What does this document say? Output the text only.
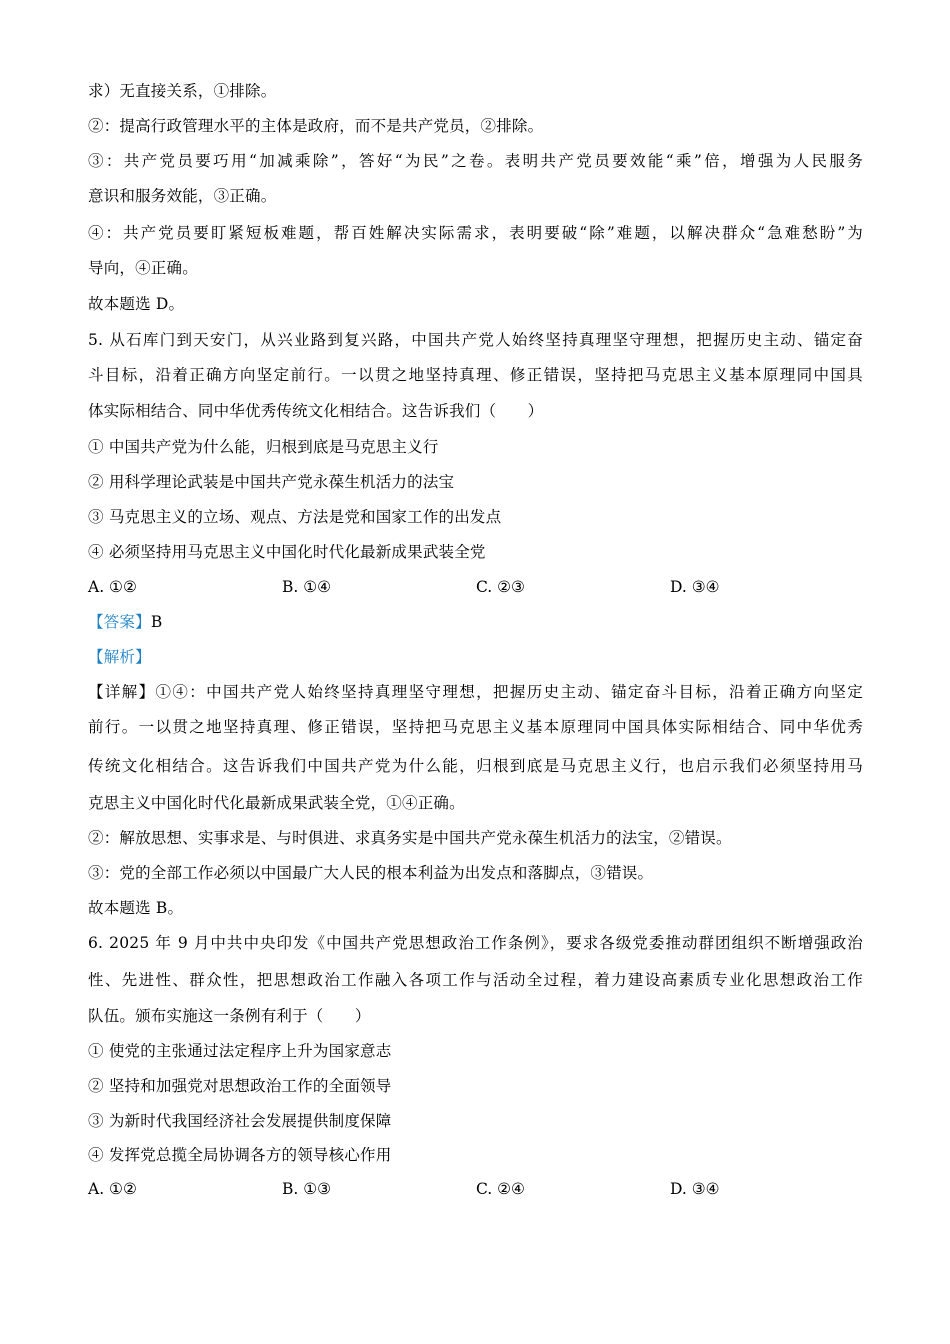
求）无直接关系，①排除。
②：提高行政管理水平的主体是政府，而不是共产党员，②排除。
③：共产党员要巧用“加减乘除”，答好“为民”之卷。表明共产党员要效能“乘”倍，增强为人民服务
意识和服务效能，③正确。
④：共产党员要盯紧短板难题，帮百姓解决实际需求，表明要破“除”难题，以解决群众“急难愁盼”为
导向，④正确。
故本题选 D。
5. 从石库门到天安门，从兴业路到复兴路，中国共产党人始终坚持真理坚守理想，把握历史主动、锚定奋
斗目标，沿着正确方向坚定前行。一以贯之地坚持真理、修正错误，坚持把马克思主义基本原理同中国具
体实际相结合、同中华优秀传统文化相结合。这告诉我们（　　）
① 中国共产党为什么能，归根到底是马克思主义行
② 用科学理论武装是中国共产党永葆生机活力的法宝
③ 马克思主义的立场、观点、方法是党和国家工作的出发点
④ 必须坚持用马克思主义中国化时代化最新成果武装全党
A. ①②	B. ①④	C. ②③	D. ③④
【答案】B
【解析】
【详解】①④：中国共产党人始终坚持真理坚守理想，把握历史主动、锚定奋斗目标，沿着正确方向坚定
前行。一以贯之地坚持真理、修正错误，坚持把马克思主义基本原理同中国具体实际相结合、同中华优秀
传统文化相结合。这告诉我们中国共产党为什么能，归根到底是马克思主义行，也启示我们必须坚持用马
克思主义中国化时代化最新成果武装全党，①④正确。
②：解放思想、实事求是、与时俱进、求真务实是中国共产党永葆生机活力的法宝，②错误。
③：党的全部工作必须以中国最广大人民的根本利益为出发点和落脚点，③错误。
故本题选 B。
6. 2025 年 9 月中共中央印发《中国共产党思想政治工作条例》，要求各级党委推动群团组织不断增强政治
性、先进性、群众性，把思想政治工作融入各项工作与活动全过程，着力建设高素质专业化思想政治工作
队伍。颁布实施这一条例有利于（　　）
① 使党的主张通过法定程序上升为国家意志
② 坚持和加强党对思想政治工作的全面领导
③ 为新时代我国经济社会发展提供制度保障
④ 发挥党总揽全局协调各方的领导核心作用
A. ①②	B. ①③	C. ②④	D. ③④
